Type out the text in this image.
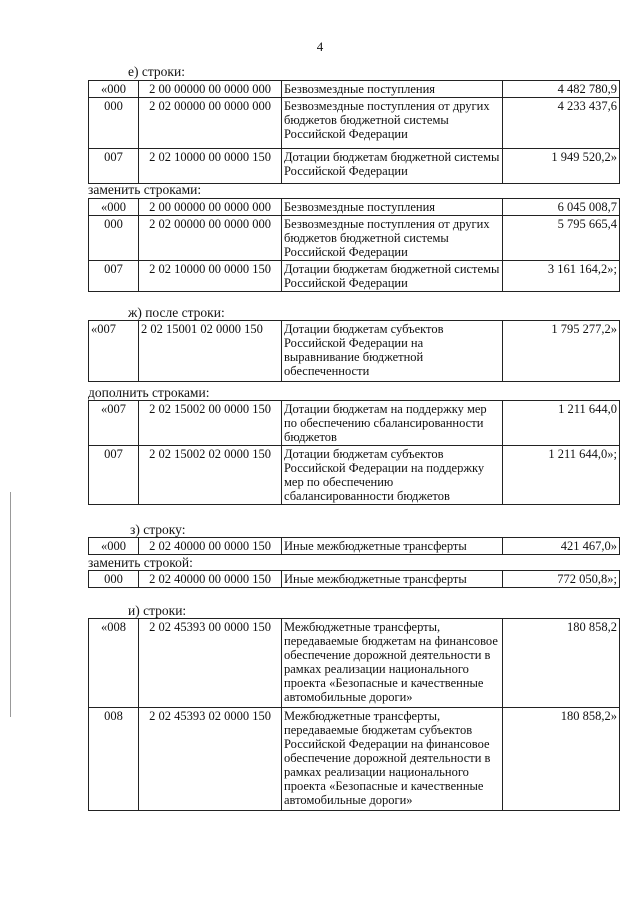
4
е) строки:
«000	2 00 00000 00 0000 000	Безвозмездные поступления	4 482 780,9
000	2 02 00000 00 0000 000	Безвозмездные поступления от других бюджетов бюджетной системы Российской Федерации	4 233 437,6
007	2 02 10000 00 0000 150	Дотации бюджетам бюджетной системы Российской Федерации	1 949 520,2»
заменить строками:
«000	2 00 00000 00 0000 000	Безвозмездные поступления	6 045 008,7
000	2 02 00000 00 0000 000	Безвозмездные поступления от других бюджетов бюджетной системы Российской Федерации	5 795 665,4
007	2 02 10000 00 0000 150	Дотации бюджетам бюджетной системы Российской Федерации	3 161 164,2»;
ж) после строки:
«007	2 02 15001 02 0000 150	Дотации бюджетам субъектов Российской Федерации на выравнивание бюджетной обеспеченности	1 795 277,2»
дополнить строками:
«007	2 02 15002 00 0000 150	Дотации бюджетам на поддержку мер по обеспечению сбалансированности бюджетов	1 211 644,0
007	2 02 15002 02 0000 150	Дотации бюджетам субъектов Российской Федерации на поддержку мер по обеспечению сбалансированности бюджетов	1 211 644,0»;
з) строку:
«000	2 02 40000 00 0000 150	Иные межбюджетные трансферты	421 467,0»
заменить строкой:
000	2 02 40000 00 0000 150	Иные межбюджетные трансферты	772 050,8»;
и) строки:
«008	2 02 45393 00 0000 150	Межбюджетные трансферты, передаваемые бюджетам на финансовое обеспечение дорожной деятельности в рамках реализации национального проекта «Безопасные и качественные автомобильные дороги»	180 858,2
008	2 02 45393 02 0000 150	Межбюджетные трансферты, передаваемые бюджетам субъектов Российской Федерации на финансовое обеспечение дорожной деятельности в рамках реализации национального проекта «Безопасные и качественные автомобильные дороги»	180 858,2»
